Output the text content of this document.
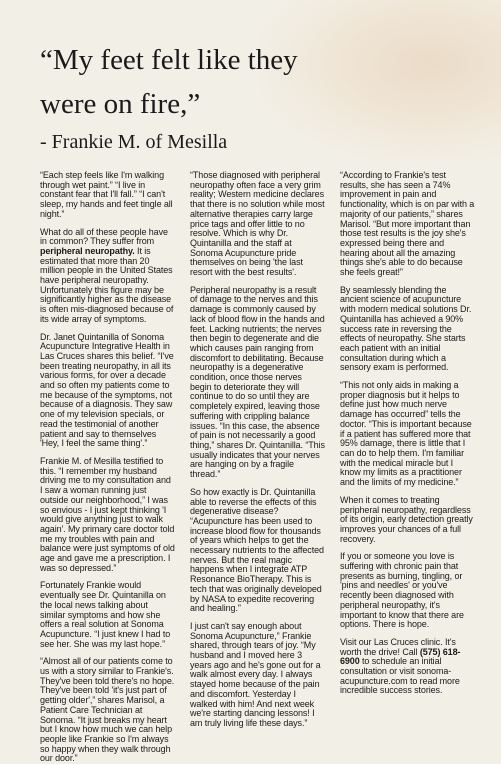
“My feet felt like they
were on fire,”
- Frankie M. of Mesilla

“Each step feels like I'm walking through wet paint.” “I live in constant fear that I'll fall.” “I can't sleep, my hands and feet tingle all night.”

What do all of these people have in common? They suffer from peripheral neuropathy. It is estimated that more than 20 million people in the United States have peripheral neuropathy. Unfortunately this figure may be significantly higher as the disease is often mis-diagnosed because of its wide array of symptoms.

Dr. Janet Quintanilla of Sonoma Acupuncture Integrative Health in Las Cruces shares this belief. “I've been treating neuropathy, in all its various forms, for over a decade and so often my patients come to me because of the symptoms, not because of a diagnosis. They saw one of my television specials, or read the testimonial of another patient and say to themselves 'Hey, I feel the same thing'.”

Frankie M. of Mesilla testified to this. “I remember my husband driving me to my consultation and I saw a woman running just outside our neighborhood,” I was so envious - I just kept thinking 'I would give anything just to walk again'. My primary care doctor told me my troubles with pain and balance were just symptoms of old age and gave me a prescription. I was so depressed.”

Fortunately Frankie would eventually see Dr. Quintanilla on the local news talking about similar symptoms and how she offers a real solution at Sonoma Acupuncture. “I just knew I had to see her. She was my last hope.”

“Almost all of our patients come to us with a story similar to Frankie's. They've been told there's no hope. They've been told 'it's just part of getting older',” shares Marisol, a Patient Care Technician at Sonoma. “It just breaks my heart but I know how much we can help people like Frankie so I'm always so happy when they walk through our door.”

“Those diagnosed with peripheral neuropathy often face a very grim reality; Western medicine declares that there is no solution while most alternative therapies carry large price tags and offer little to no resolve. Which is why Dr. Quintanilla and the staff at Sonoma Acupuncture pride themselves on being 'the last resort with the best results'.

Peripheral neuropathy is a result of damage to the nerves and this damage is commonly caused by lack of blood flow in the hands and feet. Lacking nutrients; the nerves then begin to degenerate and die which causes pain ranging from discomfort to debilitating. Because neuropathy is a degenerative condition, once those nerves begin to deteriorate they will continue to do so until they are completely expired, leaving those suffering with crippling balance issues. “In this case, the absence of pain is not necessarily a good thing,” shares Dr. Quintanilla. “This usually indicates that your nerves are hanging on by a fragile thread.”

So how exactly is Dr. Quintanilla able to reverse the effects of this degenerative disease? “Acupuncture has been used to increase blood flow for thousands of years which helps to get the necessary nutrients to the affected nerves. But the real magic happens when I integrate ATP Resonance BioTherapy. This is tech that was originally developed by NASA to expedite recovering and healing.”

I just can't say enough about Sonoma Acupuncture,” Frankie shared, through tears of joy. “My husband and I moved here 3 years ago and he's gone out for a walk almost every day. I always stayed home because of the pain and discomfort. Yesterday I walked with him! And next week we're starting dancing lessons! I am truly living life these days.”

“According to Frankie's test results, she has seen a 74% improvement in pain and functionality, which is on par with a majority of our patients,” shares Marisol. “But more important than those test results is the joy she's expressed being there and hearing about all the amazing things she's able to do because she feels great!”

By seamlessly blending the ancient science of acupuncture with modern medical solutions Dr. Quintanilla has achieved a 90% success rate in reversing the effects of neuropathy. She starts each patient with an initial consultation during which a sensory exam is performed.

“This not only aids in making a proper diagnosis but it helps to define just how much nerve damage has occurred” tells the doctor. “This is important because if a patient has suffered more that 95% damage, there is little that I can do to help them. I'm familiar with the medical miracle but I know my limits as a practitioner and the limits of my medicine.”

When it comes to treating peripheral neuropathy, regardless of its origin, early detection greatly improves your chances of a full recovery.

If you or someone you love is suffering with chronic pain that presents as burning, tingling, or 'pins and needles' or you've recently been diagnosed with peripheral neuropathy, it's important to know that there are options. There is hope.

Visit our Las Cruces clinic. It's worth the drive! Call (575) 618-6900 to schedule an initial consultation or visit sonoma-acupuncture.com to read more incredible success stories.
